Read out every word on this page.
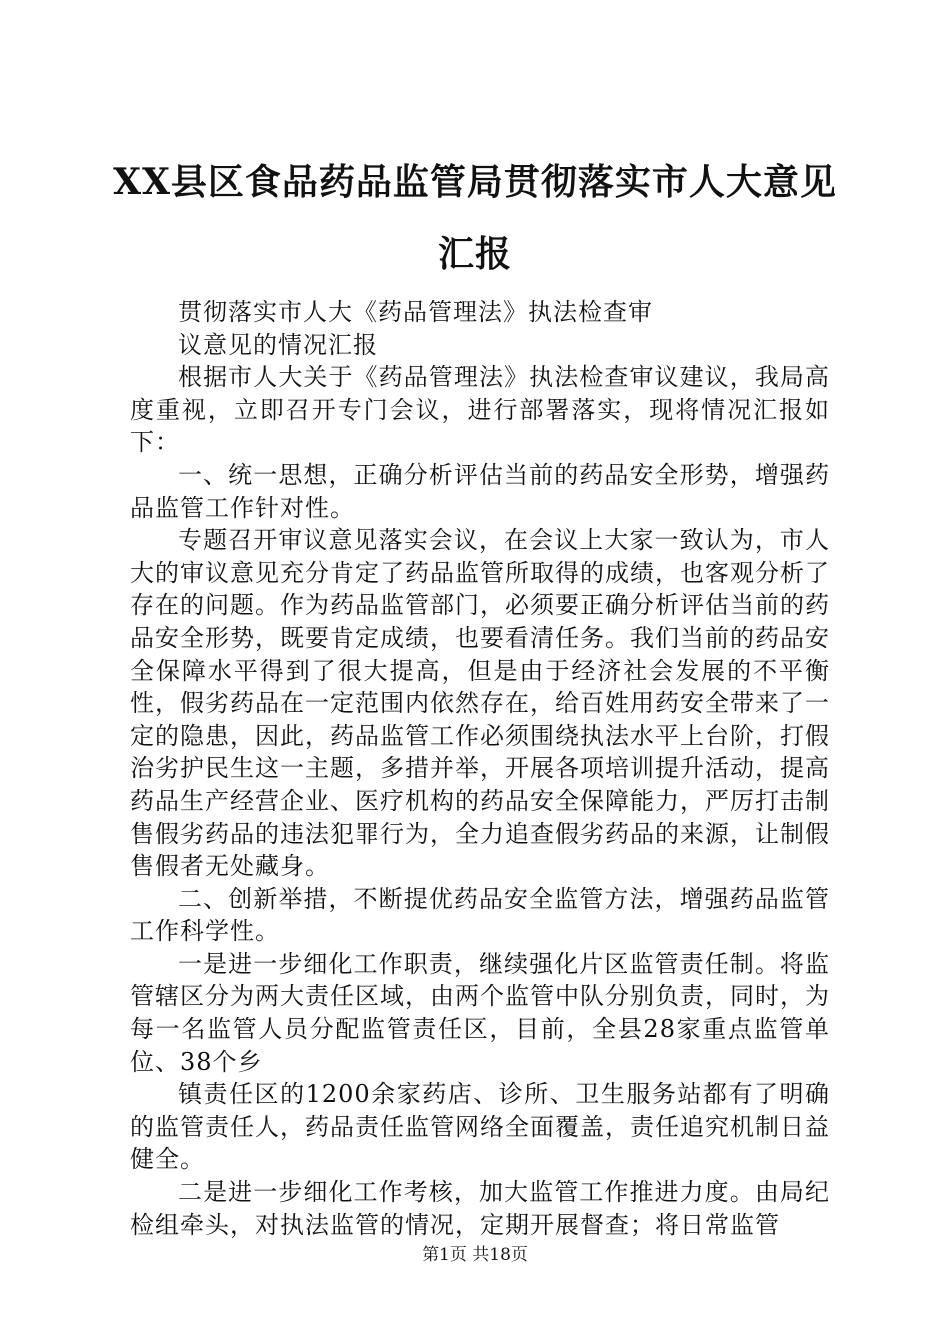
XX县区食品药品监管局贯彻落实市人大意见汇报

贯彻落实市人大《药品管理法》执法检查审

议意见的情况汇报

根据市人大关于《药品管理法》执法检查审议建议，我局高度重视，立即召开专门会议，进行部署落实，现将情况汇报如下：

一、统一思想，正确分析评估当前的药品安全形势，增强药品监管工作针对性。

专题召开审议意见落实会议，在会议上大家一致认为，市人大的审议意见充分肯定了药品监管所取得的成绩，也客观分析了存在的问题。作为药品监管部门，必须要正确分析评估当前的药品安全形势，既要肯定成绩，也要看清任务。我们当前的药品安全保障水平得到了很大提高，但是由于经济社会发展的不平衡性，假劣药品在一定范围内依然存在，给百姓用药安全带来了一定的隐患，因此，药品监管工作必须围绕执法水平上台阶，打假治劣护民生这一主题，多措并举，开展各项培训提升活动，提高药品生产经营企业、医疗机构的药品安全保障能力，严厉打击制售假劣药品的违法犯罪行为，全力追查假劣药品的来源，让制假售假者无处藏身。

二、创新举措，不断提优药品安全监管方法，增强药品监管工作科学性。

一是进一步细化工作职责，继续强化片区监管责任制。将监管辖区分为两大责任区域，由两个监管中队分别负责，同时，为每一名监管人员分配监管责任区，目前，全县28家重点监管单位、38个乡

镇责任区的1200余家药店、诊所、卫生服务站都有了明确的监管责任人，药品责任监管网络全面覆盖，责任追究机制日益健全。

二是进一步细化工作考核，加大监管工作推进力度。由局纪检组牵头，对执法监管的情况，定期开展督查；将日常监管

第1页 共18页
